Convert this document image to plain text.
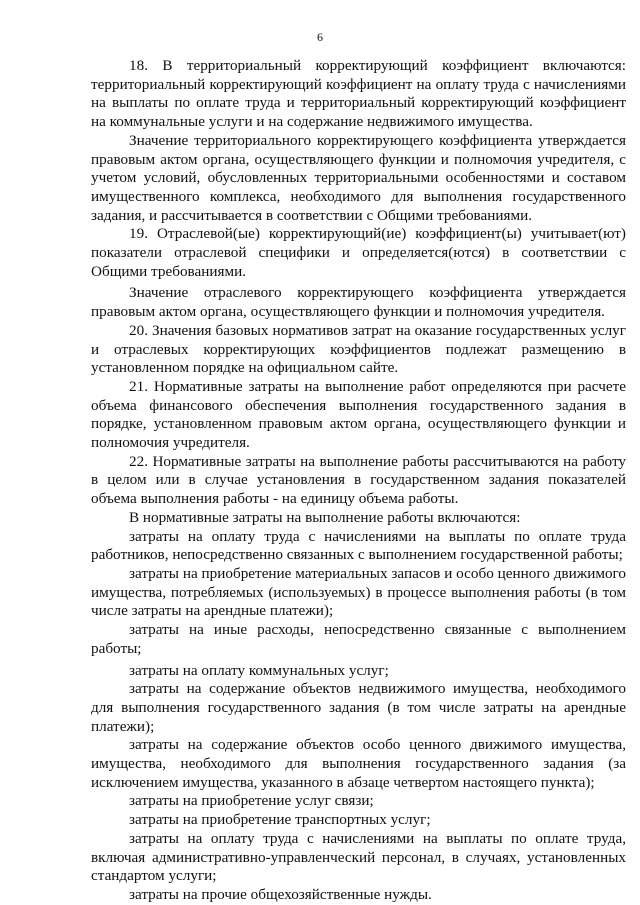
6

18. В территориальный корректирующий коэффициент включаются: территориальный корректирующий коэффициент на оплату труда с начислениями на выплаты по оплате труда и территориальный корректирующий коэффициент на коммунальные услуги и на содержание недвижимого имущества.

Значение территориального корректирующего коэффициента утверждается правовым актом органа, осуществляющего функции и полномочия учредителя, с учетом условий, обусловленных территориальными особенностями и составом имущественного комплекса, необходимого для выполнения государственного задания, и рассчитывается в соответствии с Общими требованиями.

19. Отраслевой(ые) корректирующий(ие) коэффициент(ы) учитывает(ют) показатели отраслевой специфики и определяется(ются) в соответствии с Общими требованиями.

Значение отраслевого корректирующего коэффициента утверждается правовым актом органа, осуществляющего функции и полномочия учредителя.

20. Значения базовых нормативов затрат на оказание государственных услуг и отраслевых корректирующих коэффициентов подлежат размещению в установленном порядке на официальном сайте.

21. Нормативные затраты на выполнение работ определяются при расчете объема финансового обеспечения выполнения государственного задания в порядке, установленном правовым актом органа, осуществляющего функции и полномочия учредителя.

22. Нормативные затраты на выполнение работы рассчитываются на работу в целом или в случае установления в государственном задания показателей объема выполнения работы - на единицу объема работы.

В нормативные затраты на выполнение работы включаются:

затраты на оплату труда с начислениями на выплаты по оплате труда работников, непосредственно связанных с выполнением государственной работы;

затраты на приобретение материальных запасов и особо ценного движимого имущества, потребляемых (используемых) в процессе выполнения работы (в том числе затраты на арендные платежи);

затраты на иные расходы, непосредственно связанные с выполнением работы;

затраты на оплату коммунальных услуг;

затраты на содержание объектов недвижимого имущества, необходимого для выполнения государственного задания (в том числе затраты на арендные платежи);

затраты на содержание объектов особо ценного движимого имущества, имущества, необходимого для выполнения государственного задания (за исключением имущества, указанного в абзаце четвертом настоящего пункта);

затраты на приобретение услуг связи;

затраты на приобретение транспортных услуг;

затраты на оплату труда с начислениями на выплаты по оплате труда, включая административно-управленческий персонал, в случаях, установленных стандартом услуги;

затраты на прочие общехозяйственные нужды.
